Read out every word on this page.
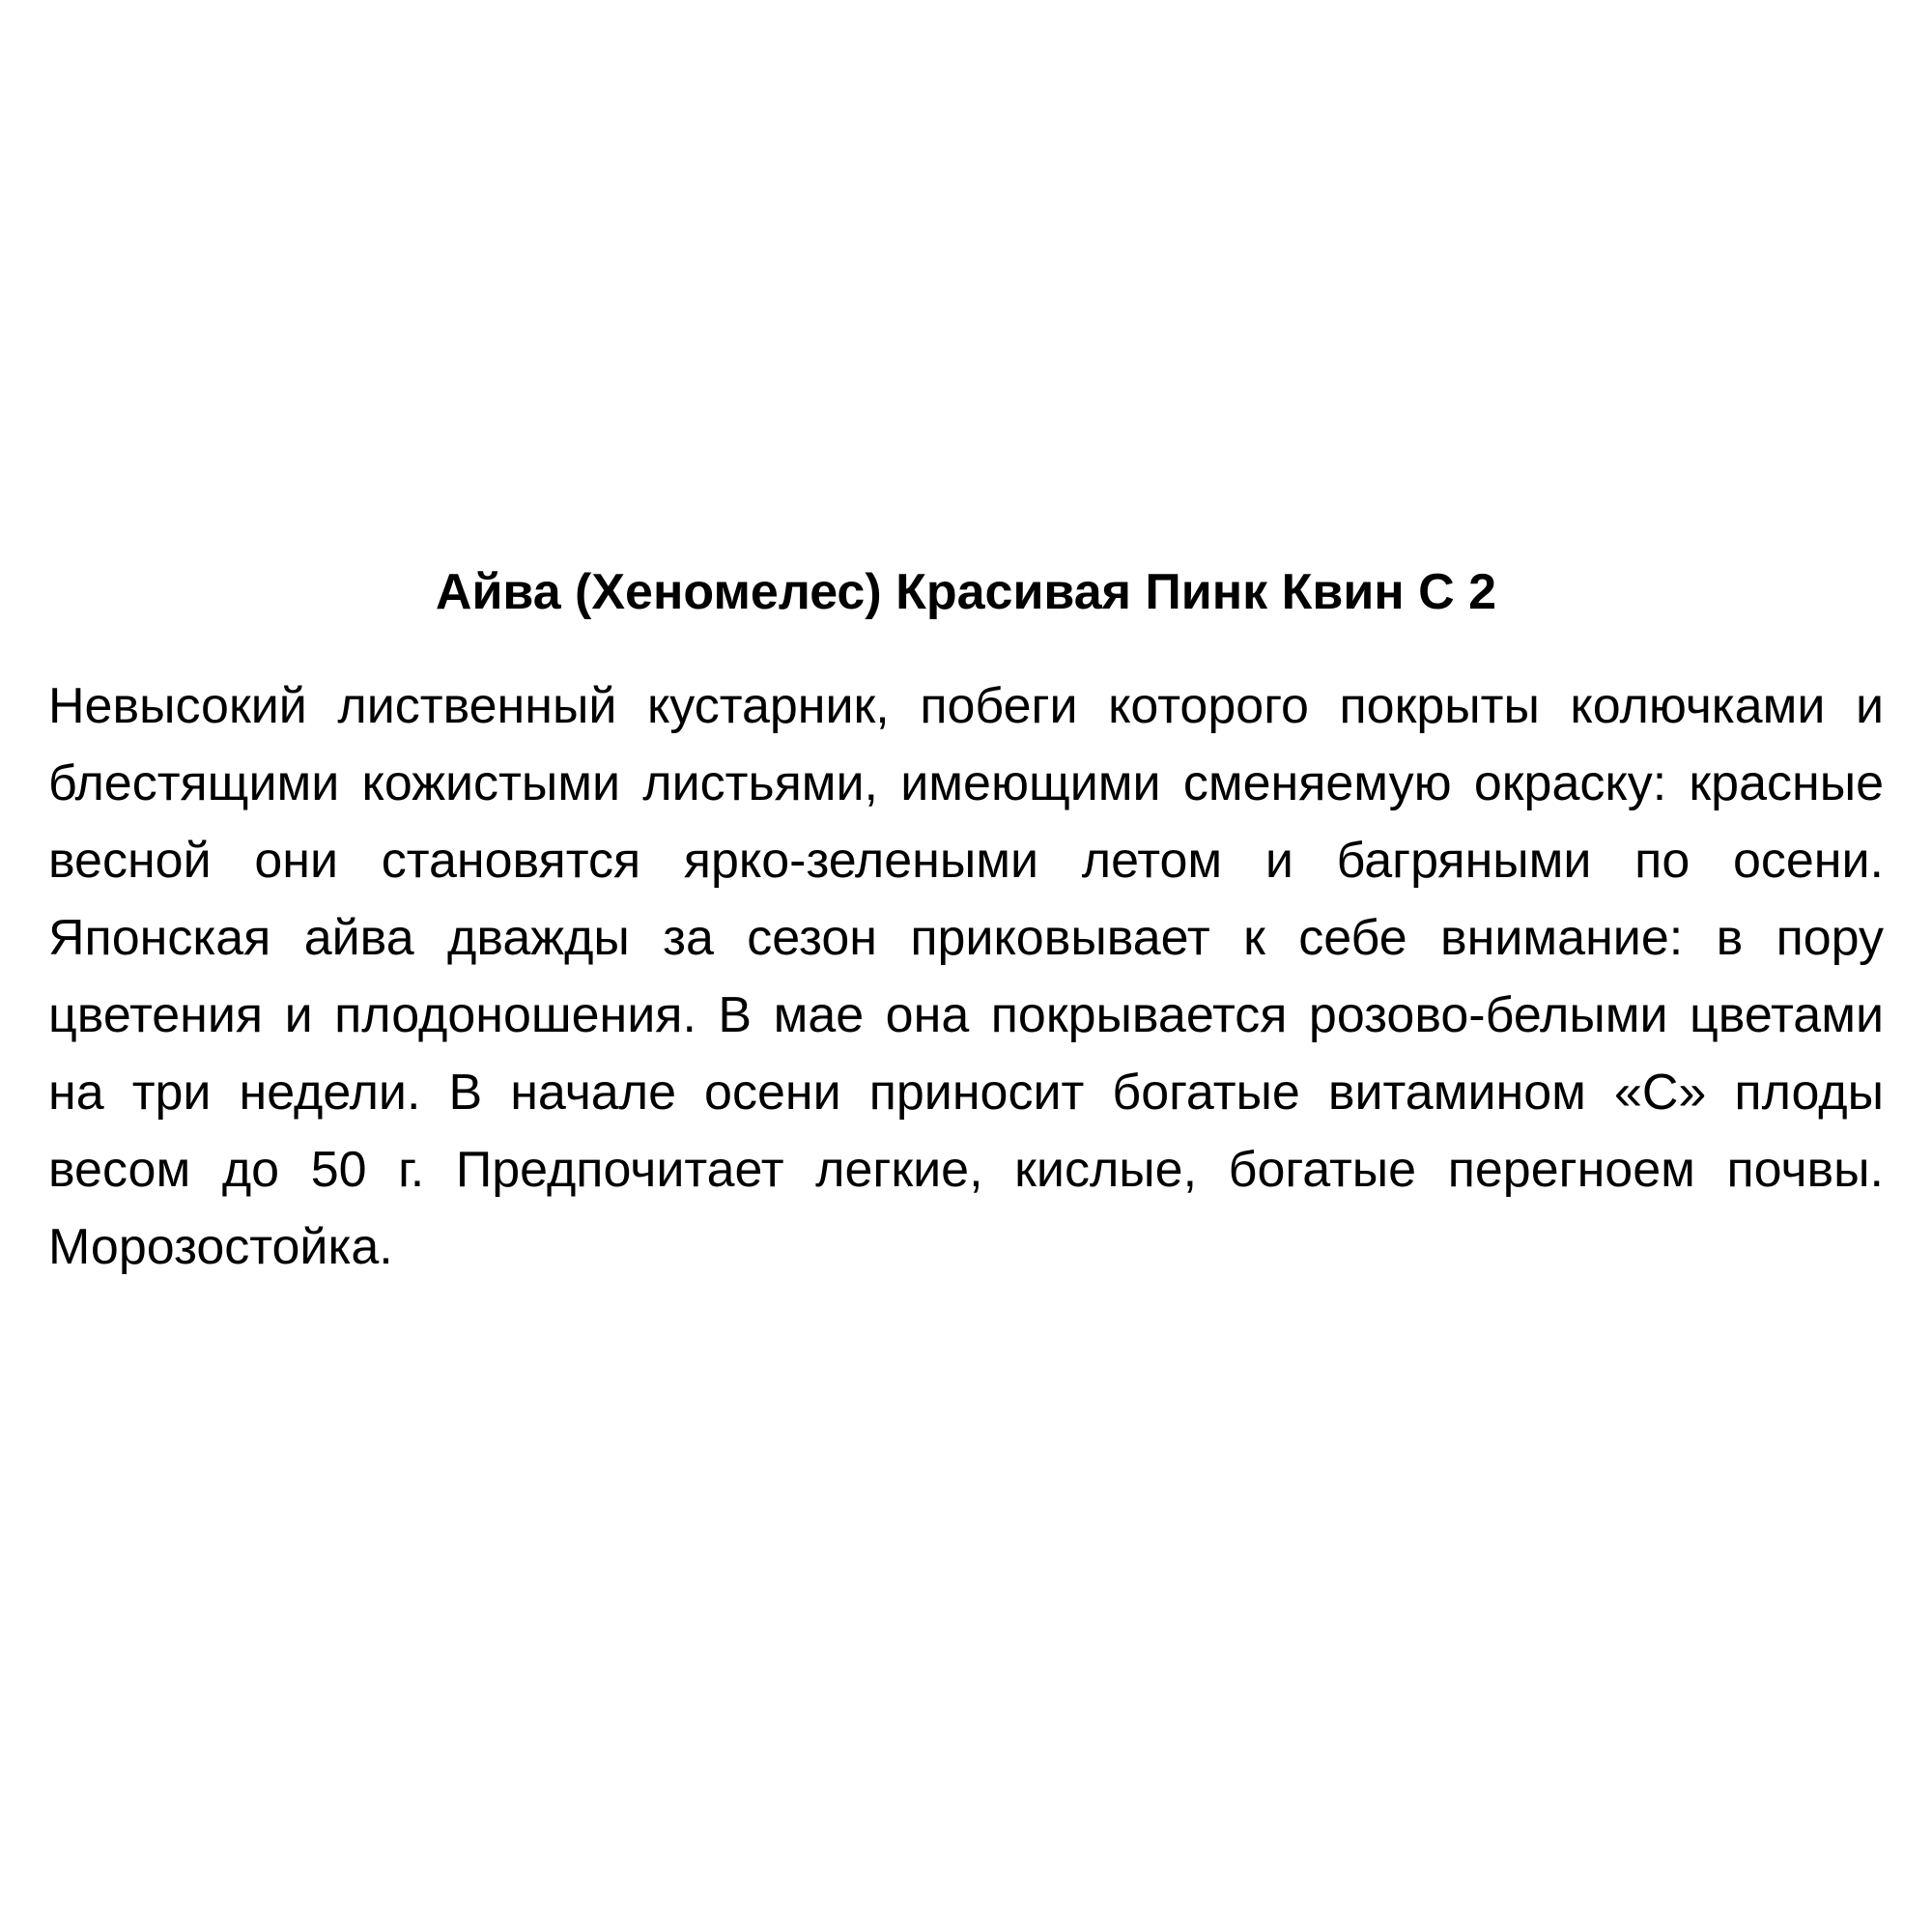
Айва (Хеномелес) Красивая Пинк Квин С 2

Невысокий лиственный кустарник, побеги которого покрыты колючками и блестящими кожистыми листьями, имеющими сменяемую окраску: красные весной они становятся ярко-зелеными летом и багряными по осени. Японская айва дважды за сезон приковывает к себе внимание: в пору цветения и плодоношения. В мае она покрывается розово-белыми цветами на три недели. В начале осени приносит богатые витамином «С» плоды весом до 50 г. Предпочитает легкие, кислые, богатые перегноем почвы. Морозостойка.
